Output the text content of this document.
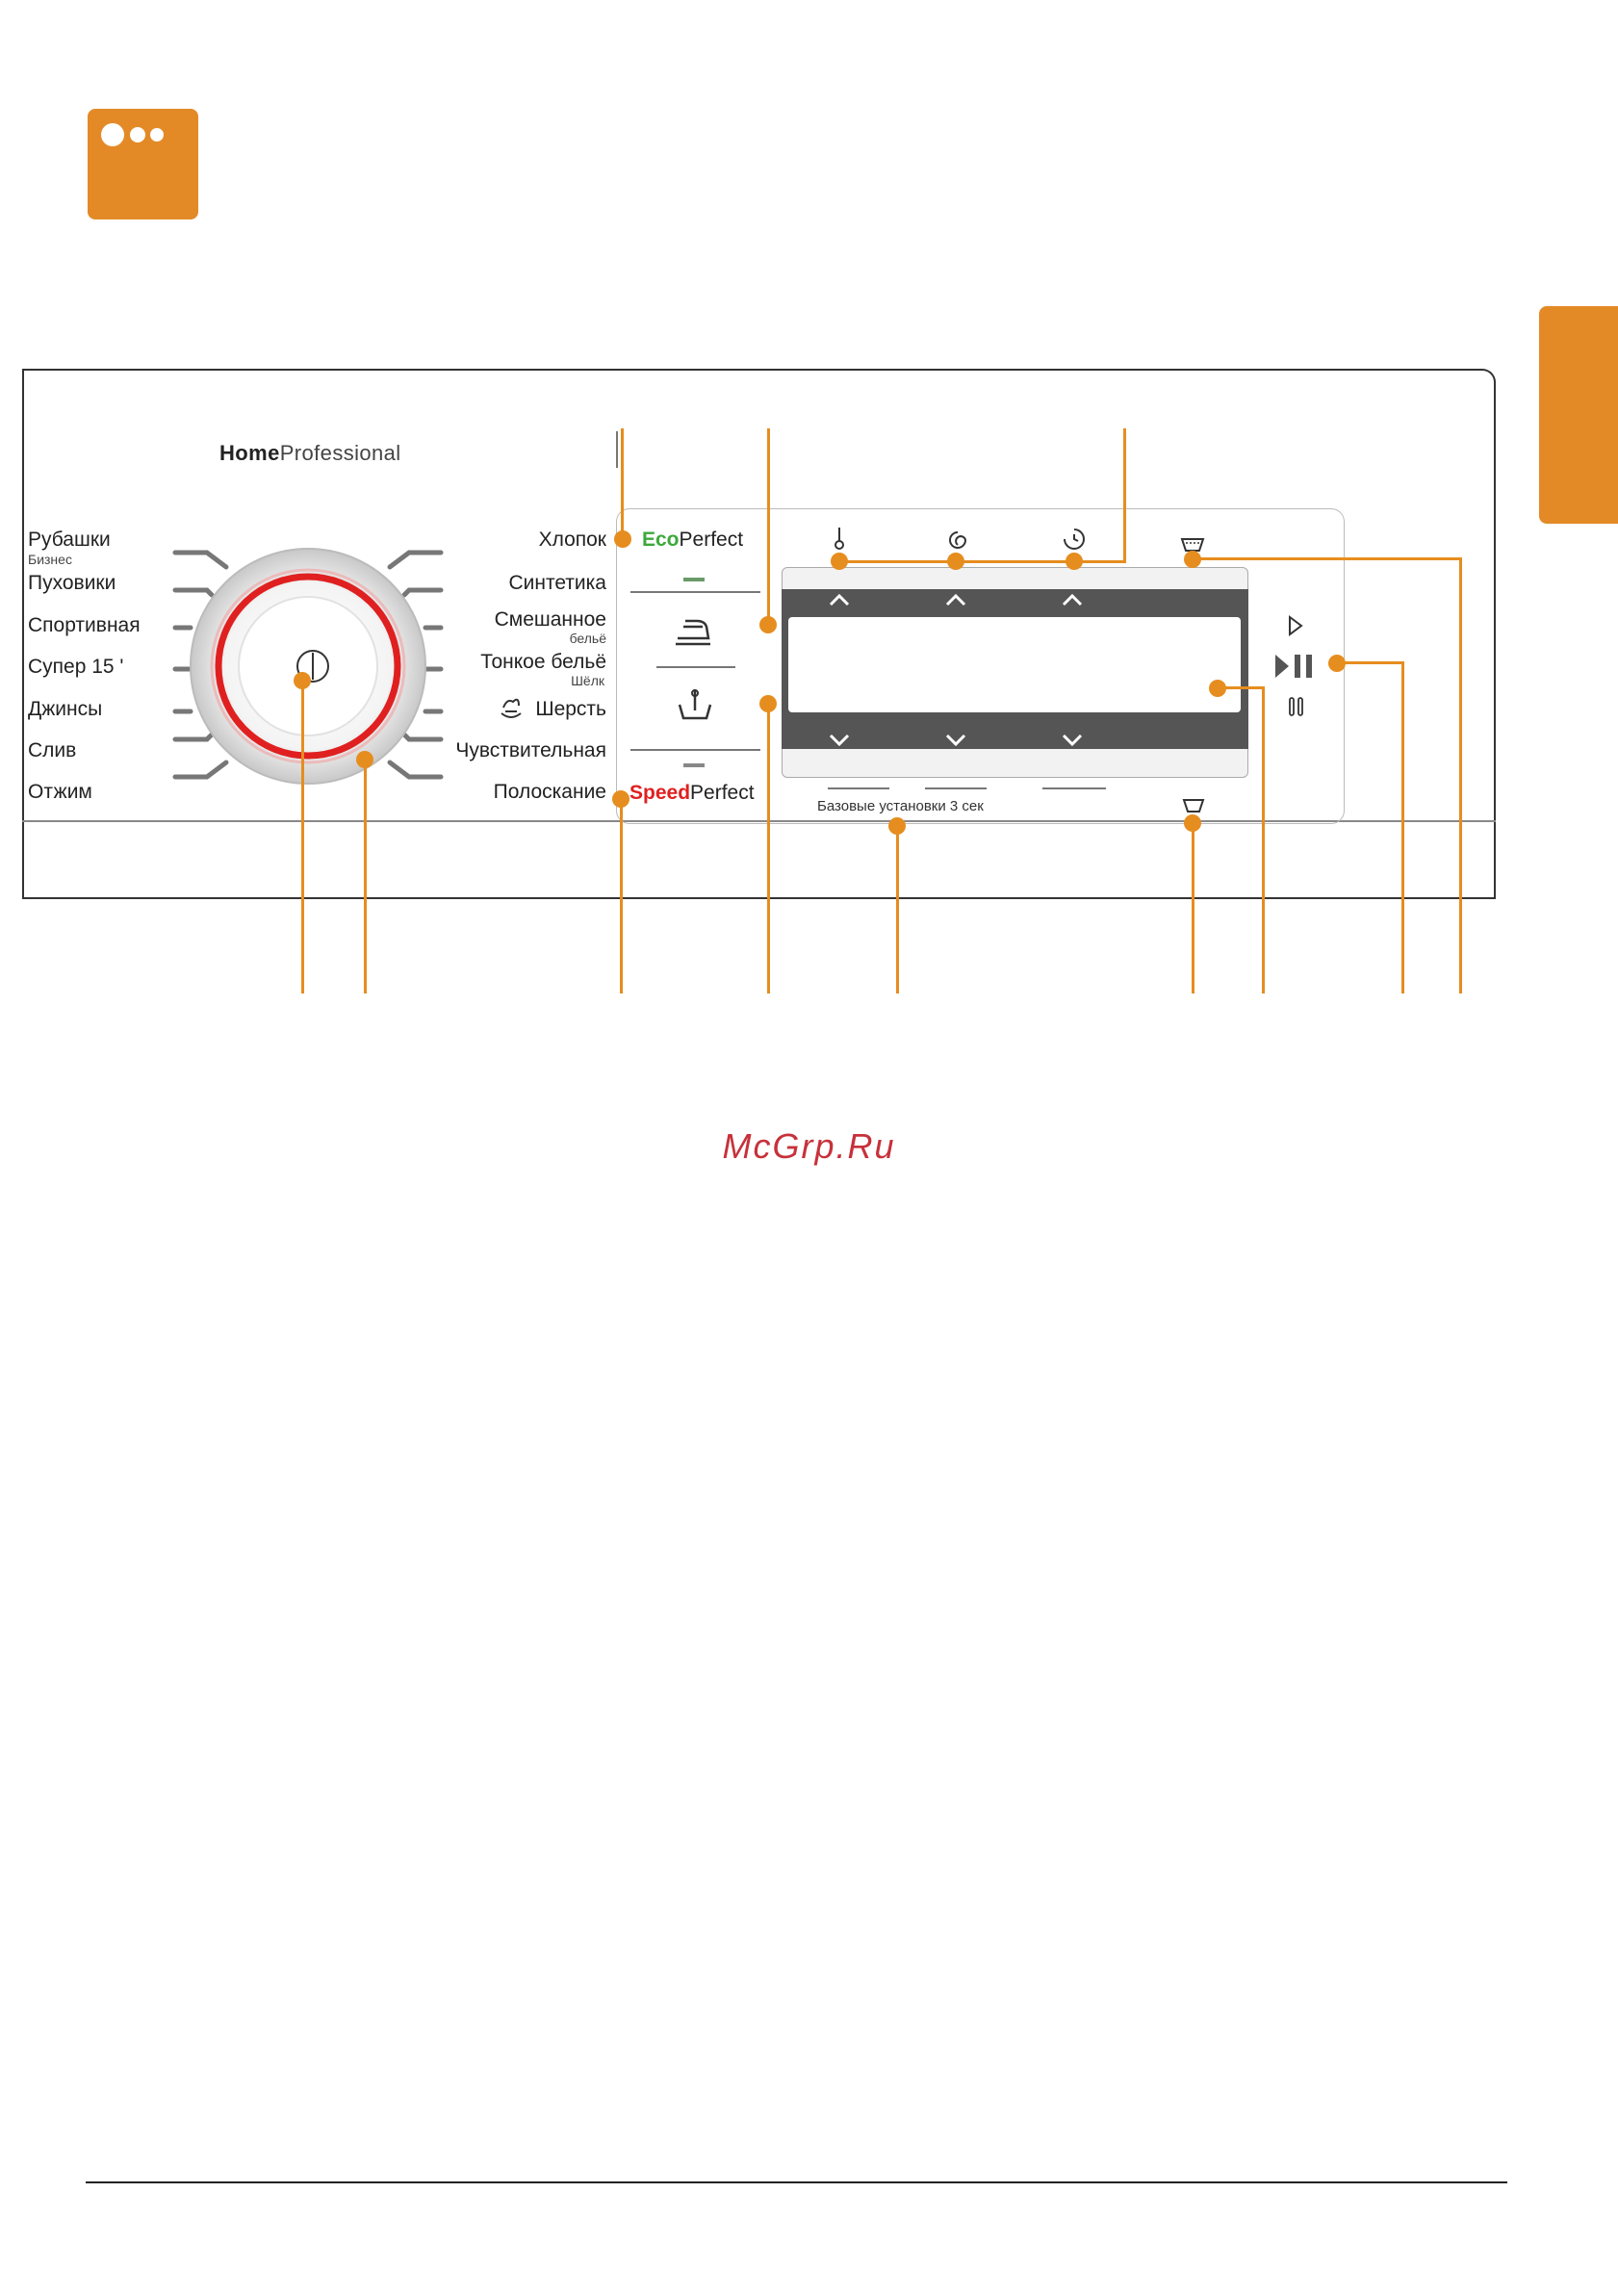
HomeProfessional
Рубашки
Бизнес
Пуховики
Спортивная
Супер 15 '
Джинсы
Слив
Отжим
Хлопок
Синтетика
Смешанное
бельё
Тонкое бельё
Шёлк
Шерсть
Чувствительная
Полоскание
EcoPerfect
SpeedPerfect
Базовые установки 3 сек
McGrp.Ru
